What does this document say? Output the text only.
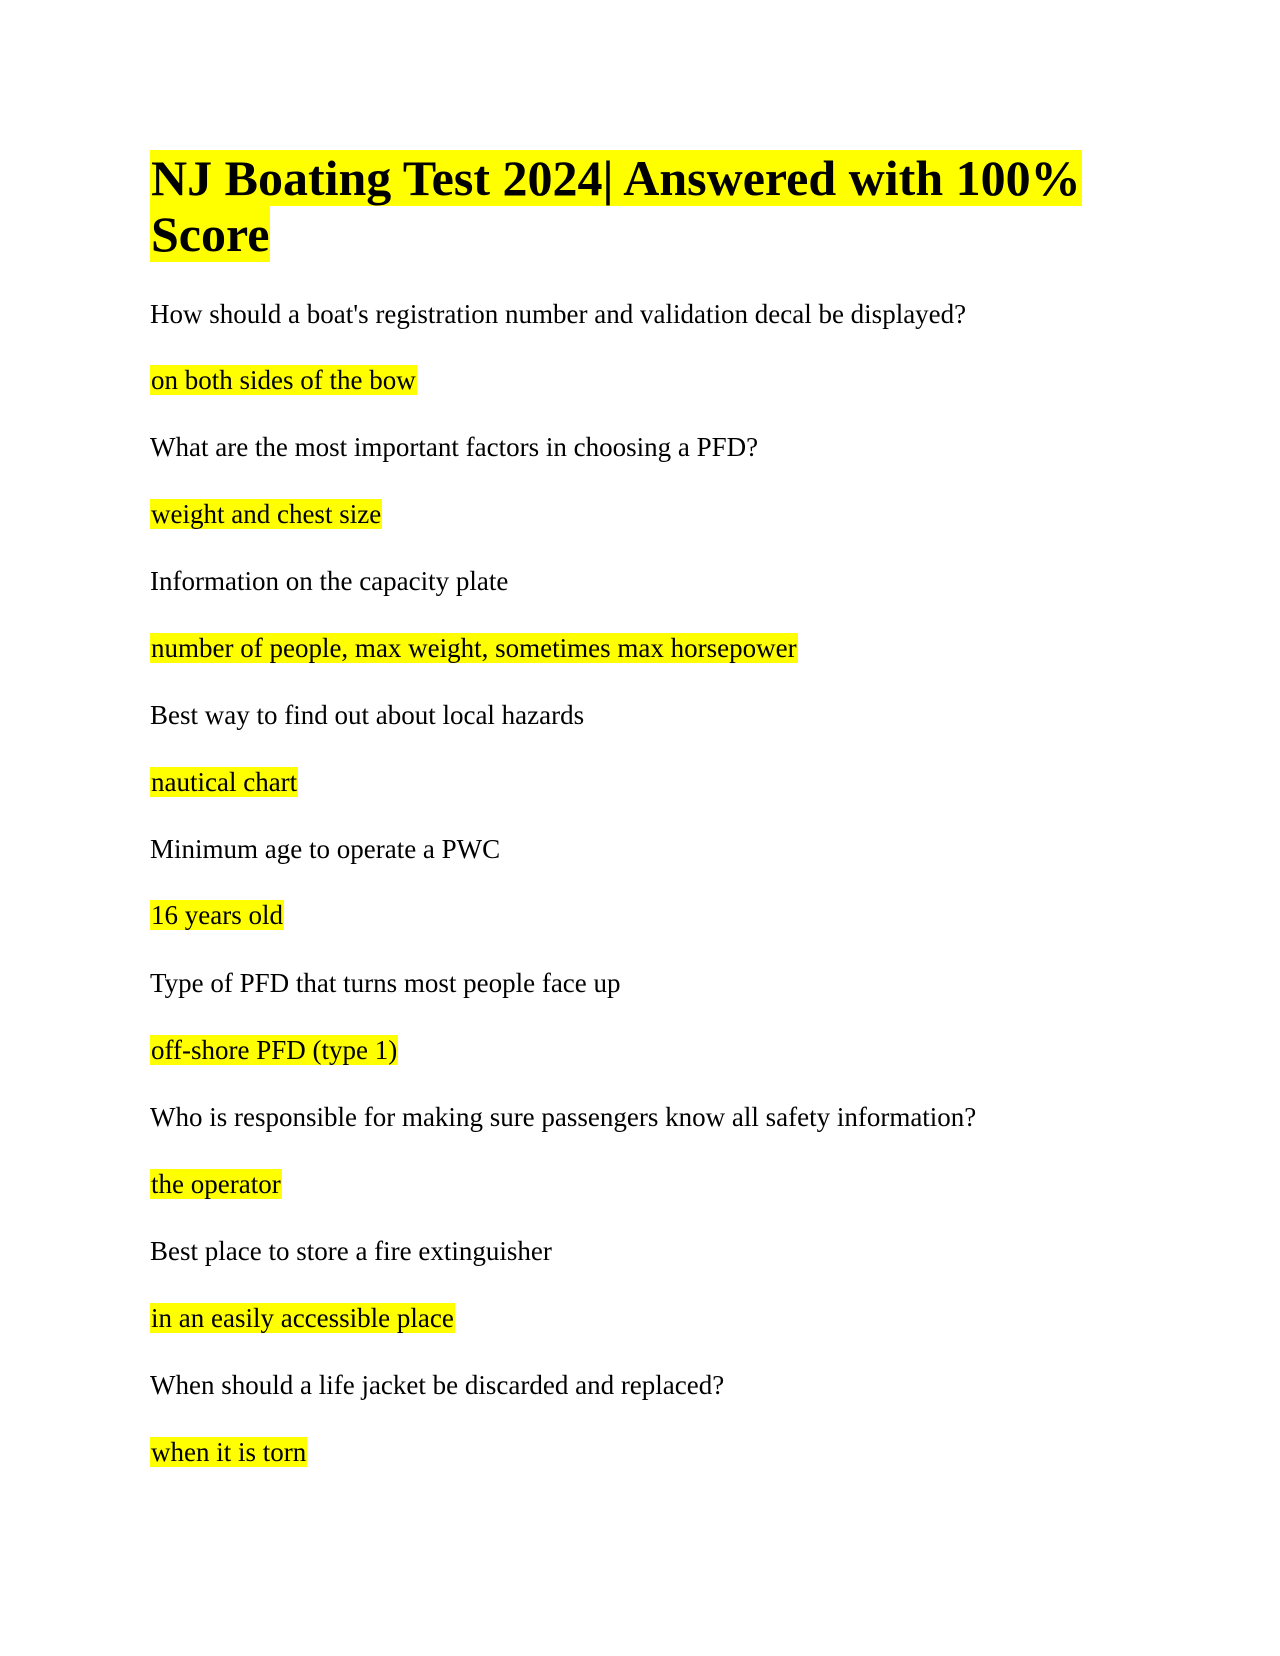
NJ Boating Test 2024| Answered with 100% Score

How should a boat's registration number and validation decal be displayed?

on both sides of the bow

What are the most important factors in choosing a PFD?

weight and chest size

Information on the capacity plate

number of people, max weight, sometimes max horsepower

Best way to find out about local hazards

nautical chart

Minimum age to operate a PWC

16 years old

Type of PFD that turns most people face up

off-shore PFD (type 1)

Who is responsible for making sure passengers know all safety information?

the operator

Best place to store a fire extinguisher

in an easily accessible place

When should a life jacket be discarded and replaced?

when it is torn
